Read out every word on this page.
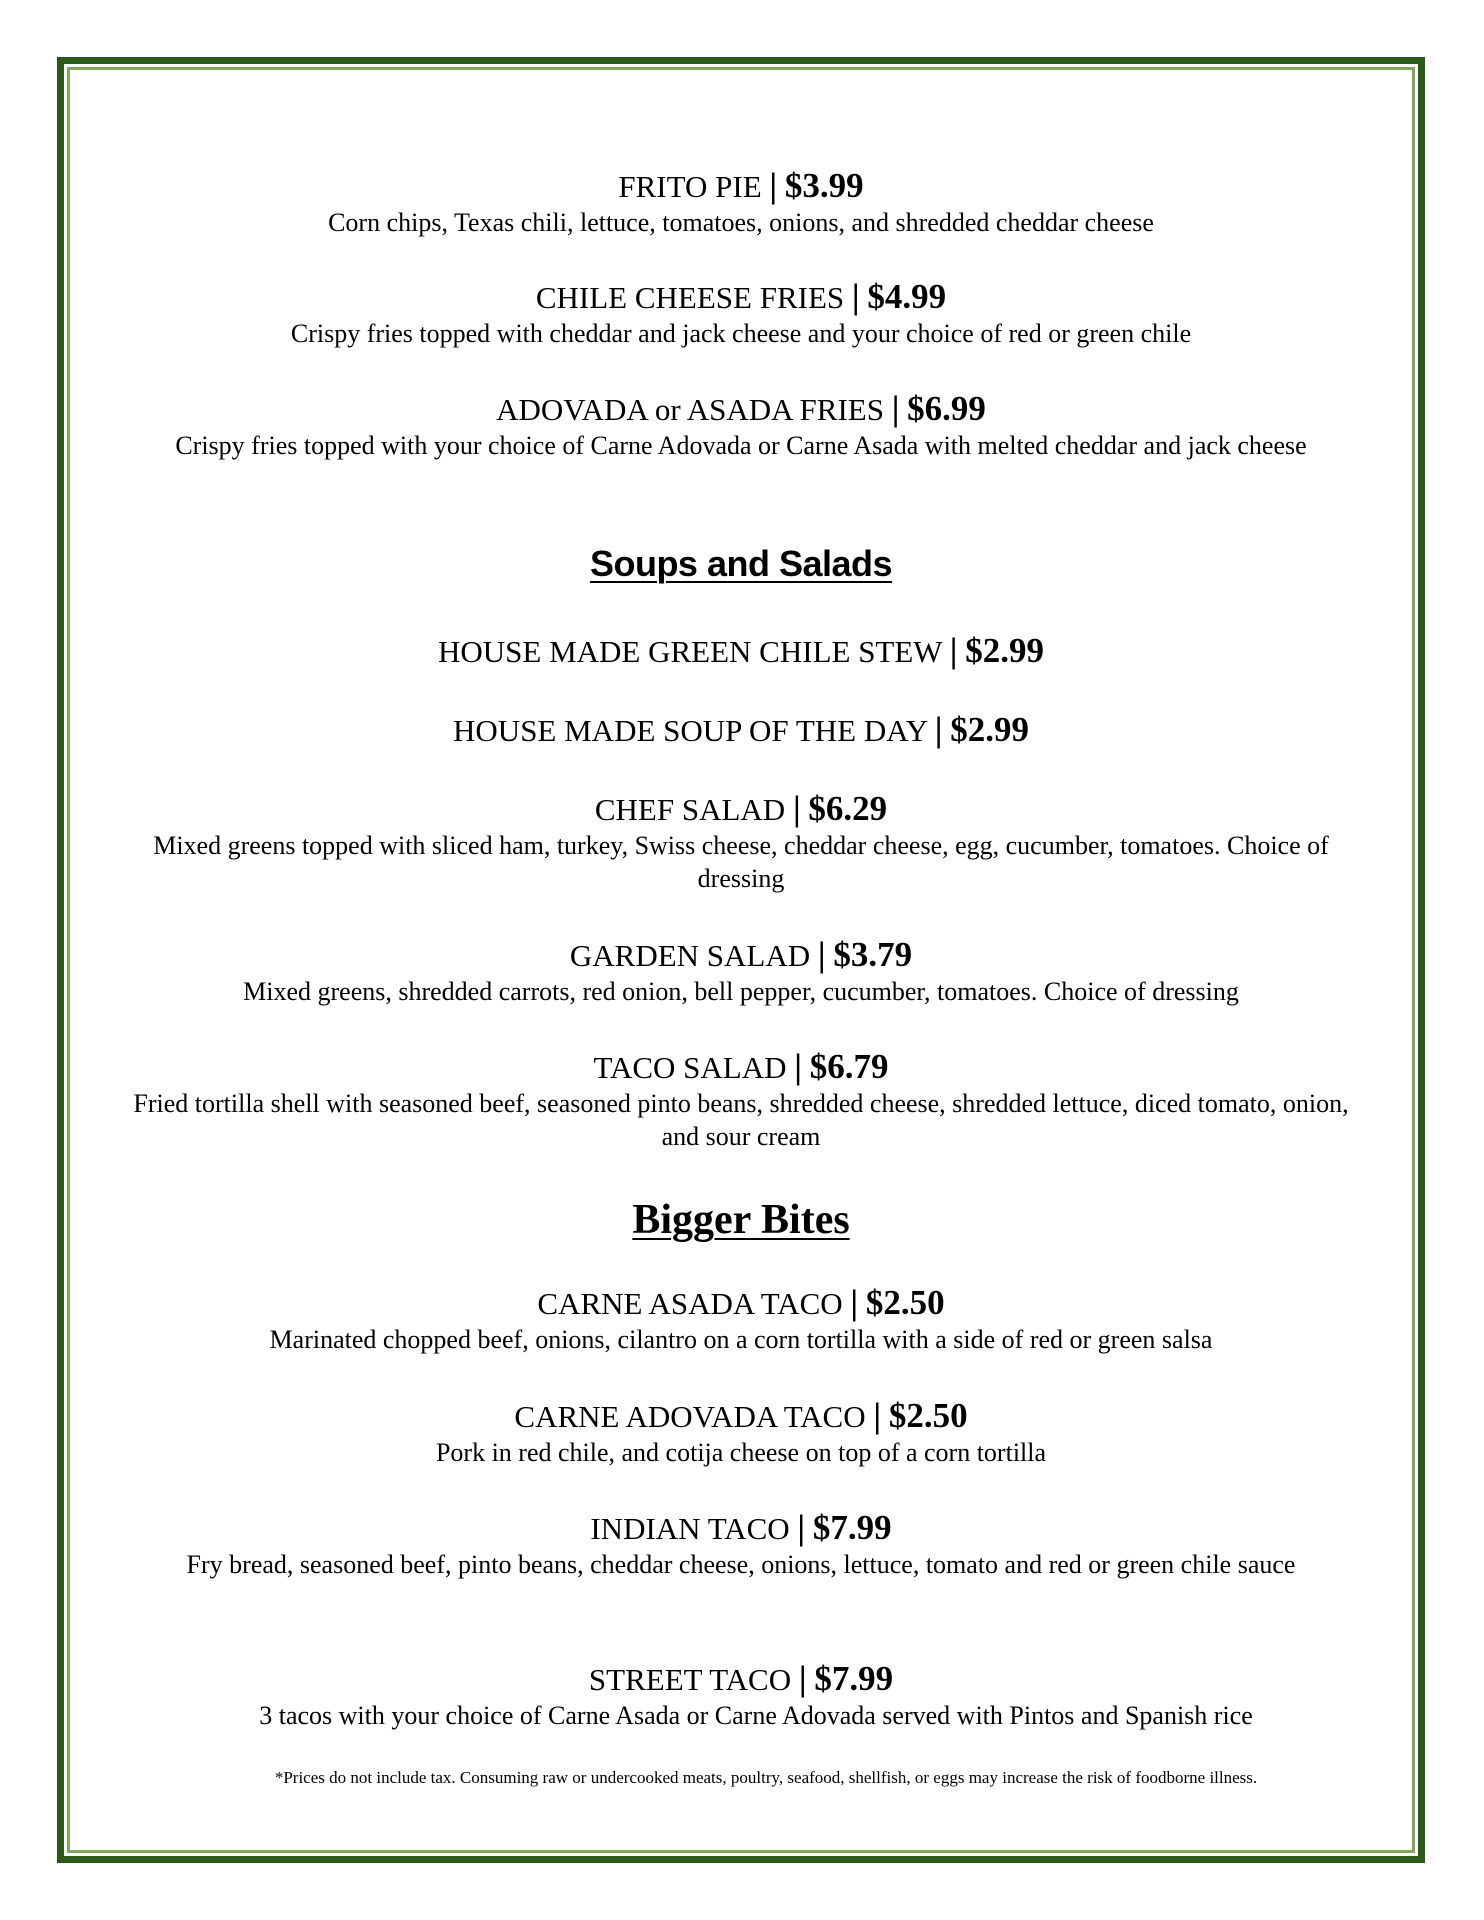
FRITO PIE | $3.99
Corn chips, Texas chili, lettuce, tomatoes, onions, and shredded cheddar cheese
CHILE CHEESE FRIES | $4.99
Crispy fries topped with cheddar and jack cheese and your choice of red or green chile
ADOVADA or ASADA FRIES | $6.99
Crispy fries topped with your choice of Carne Adovada or Carne Asada with melted cheddar and jack cheese
Soups and Salads
HOUSE MADE GREEN CHILE STEW | $2.99
HOUSE MADE SOUP OF THE DAY | $2.99
CHEF SALAD | $6.29
Mixed greens topped with sliced ham, turkey, Swiss cheese, cheddar cheese, egg, cucumber, tomatoes. Choice of dressing
GARDEN SALAD | $3.79
Mixed greens, shredded carrots, red onion, bell pepper, cucumber, tomatoes. Choice of dressing
TACO SALAD | $6.79
Fried tortilla shell with seasoned beef, seasoned pinto beans, shredded cheese, shredded lettuce, diced tomato, onion, and sour cream
Bigger Bites
CARNE ASADA TACO | $2.50
Marinated chopped beef, onions, cilantro on a corn tortilla with a side of red or green salsa
CARNE ADOVADA TACO | $2.50
Pork in red chile, and cotija cheese on top of a corn tortilla
INDIAN TACO | $7.99
Fry bread, seasoned beef, pinto beans, cheddar cheese, onions, lettuce, tomato and red or green chile sauce
STREET TACO | $7.99
3 tacos with your choice of Carne Asada or Carne Adovada served with Pintos and Spanish rice
*Prices do not include tax. Consuming raw or undercooked meats, poultry, seafood, shellfish, or eggs may increase the risk of foodborne illness.
